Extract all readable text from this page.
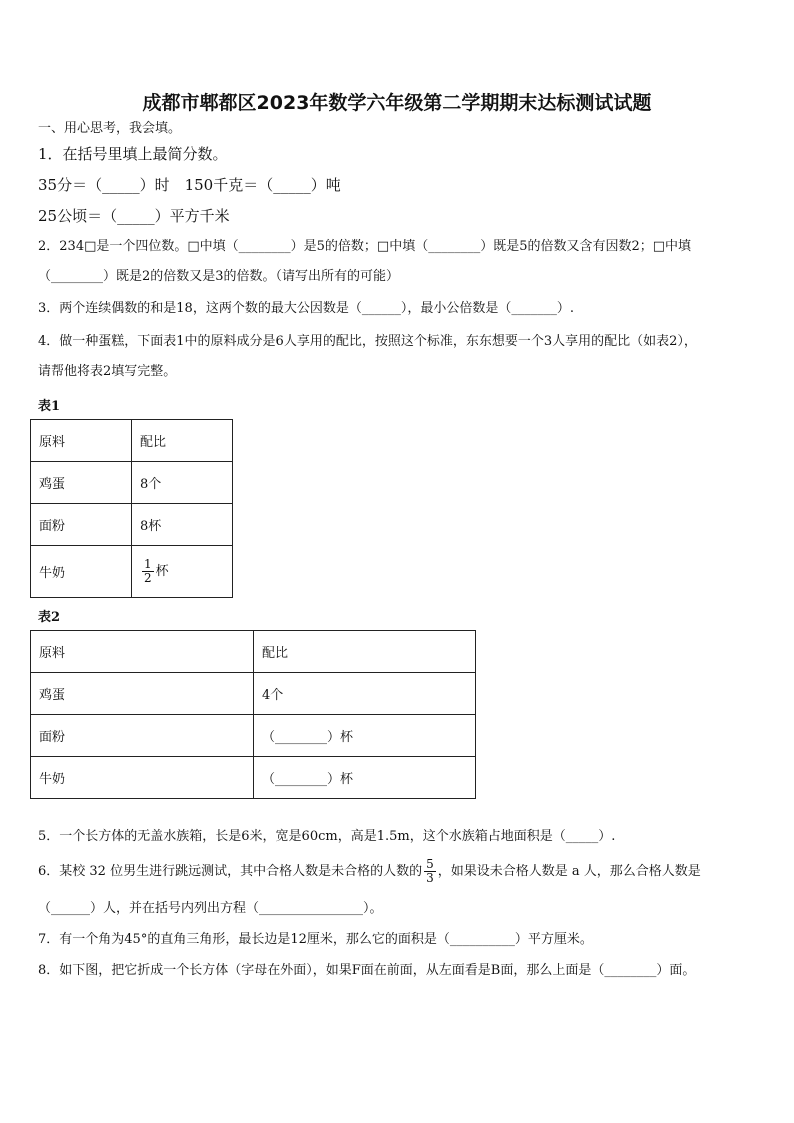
成都市郫都区2023年数学六年级第二学期期末达标测试试题
一、用心思考，我会填。
1．在括号里填上最简分数。
35分＝（_____）时　150千克＝（_____）吨
25公顷＝（_____）平方千米
2．234□是一个四位数。□中填（________）是5的倍数；□中填（________）既是5的倍数又含有因数2；□中填
（________）既是2的倍数又是3的倍数。（请写出所有的可能）
3．两个连续偶数的和是18，这两个数的最大公因数是（______），最小公倍数是（_______）.
4．做一种蛋糕，下面表1中的原料成分是6人享用的配比，按照这个标准，东东想要一个3人享用的配比（如表2），
请帮他将表2填写完整。
表1
原料	配比
鸡蛋	8个
面粉	8杯
牛奶	$\frac{1}{2}$ 杯
表2
原料	配比
鸡蛋	4个
面粉	（________）杯
牛奶	（________）杯
5．一个长方体的无盖水族箱，长是6米，宽是60cm，高是1.5m，这个水族箱占地面积是（_____）.
6．某校 32 位男生进行跳远测试，其中合格人数是未合格的人数的 $\frac{5}{3}$ ，如果设未合格人数是 a 人，那么合格人数是
（______）人，并在括号内列出方程（________________）。
7．有一个角为45°的直角三角形，最长边是12厘米，那么它的面积是（__________）平方厘米。
8．如下图，把它折成一个长方体（字母在外面），如果F面在前面，从左面看是B面，那么上面是（________）面。
